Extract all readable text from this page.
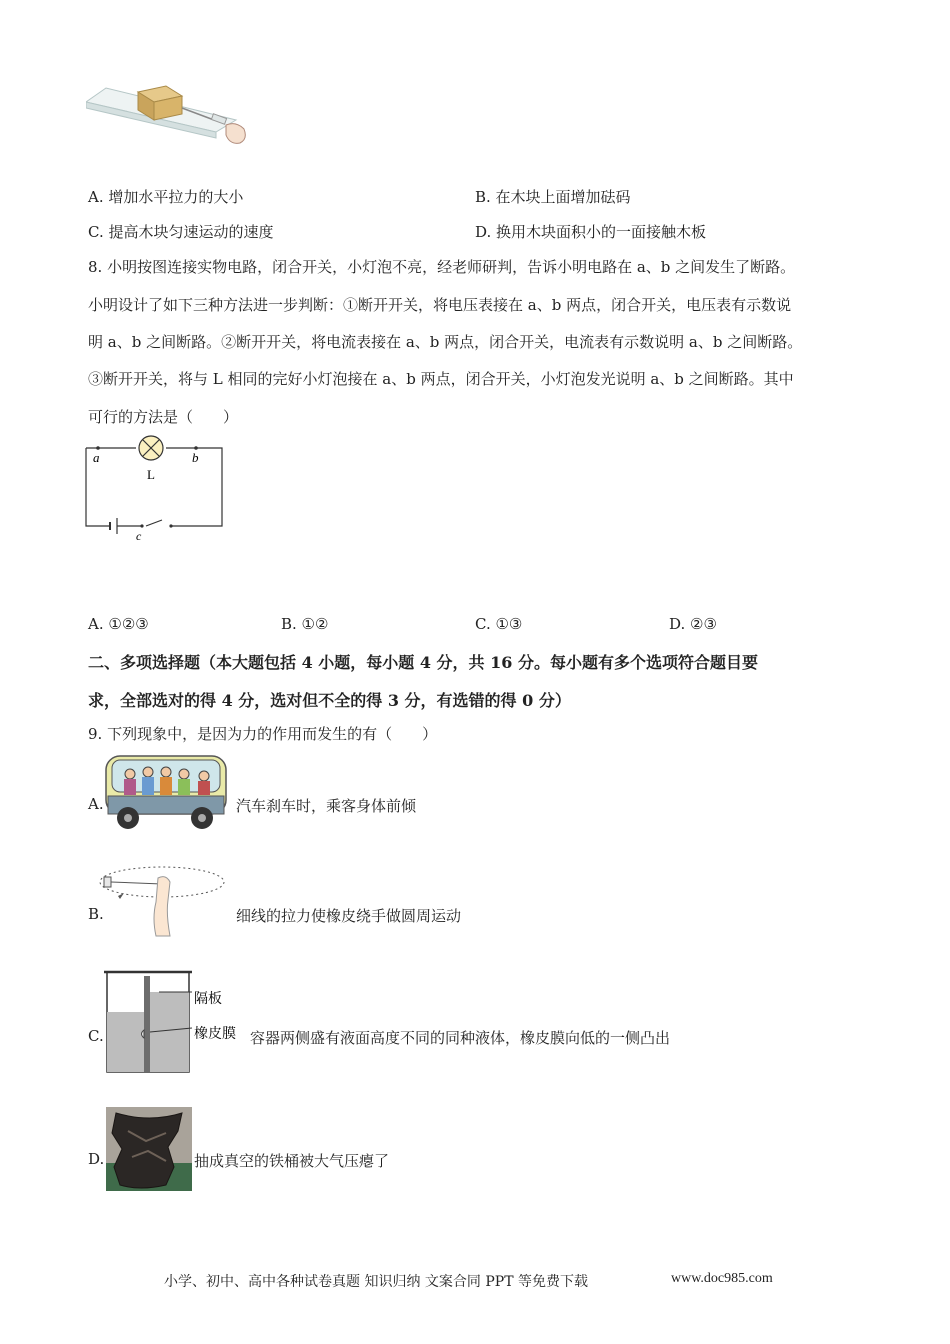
A. 增加水平拉力的大小	B. 在木块上面增加砝码
C. 提高木块匀速运动的速度	D. 换用木块面积小的一面接触木板
8. 小明按图连接实物电路，闭合开关，小灯泡不亮，经老师研判，告诉小明电路在 a、b 之间发生了断路。
小明设计了如下三种方法进一步判断：①断开开关，将电压表接在 a、b 两点，闭合开关，电压表有示数说
明 a、b 之间断路。②断开开关，将电流表接在 a、b 两点，闭合开关，电流表有示数说明 a、b 之间断路。
③断开开关，将与 L 相同的完好小灯泡接在 a、b 两点，闭合开关，小灯泡发光说明 a、b 之间断路。其中
可行的方法是（　　）
a	b
L
c
A. ①②③	B. ①②	C. ①③	D. ②③
二、多项选择题（本大题包括 4 小题，每小题 4 分，共 16 分。每小题有多个选项符合题目要
求，全部选对的得 4 分，选对但不全的得 3 分，有选错的得 0 分）
9. 下列现象中，是因为力的作用而发生的有（　　）
A.	汽车刹车时，乘客身体前倾
B.	细线的拉力使橡皮绕手做圆周运动
C.
隔板
橡皮膜 容器两侧盛有液面高度不同的同种液体，橡皮膜向低的一侧凸出
D.	抽成真空的铁桶被大气压瘪了
小学、初中、高中各种试卷真题 知识归纳 文案合同 PPT 等免费下载	www.doc985.com
